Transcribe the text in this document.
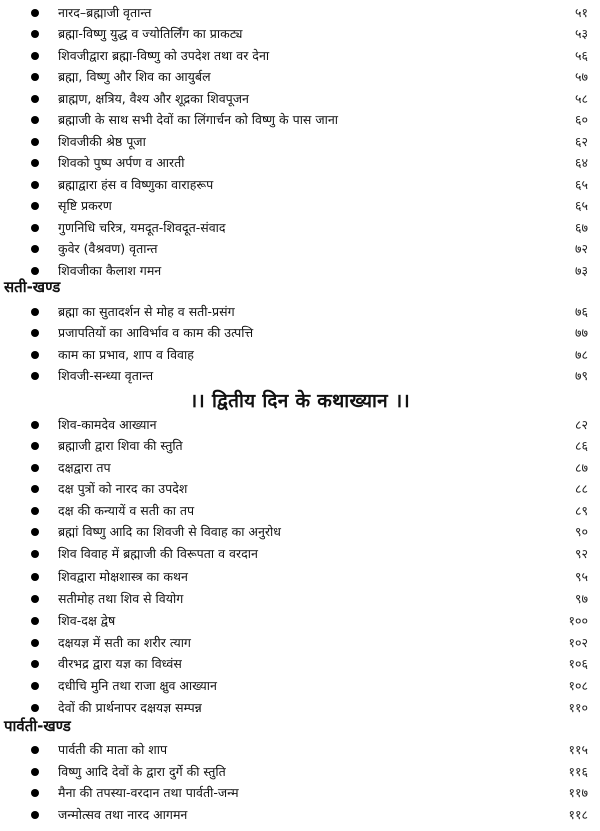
नारद–ब्रह्माजी वृतान्त	५१
ब्रह्मा-विष्णु युद्ध व ज्योतिर्लिंग का प्राकट्य	५३
शिवजीद्वारा ब्रह्मा-विष्णु को उपदेश तथा वर देना	५६
ब्रह्मा, विष्णु और शिव का आयुर्बल	५७
ब्राह्मण, क्षत्रिय, वैश्य और शूद्रका शिवपूजन	५८
ब्रह्माजी के साथ सभी देवों का लिंगार्चन को विष्णु के पास जाना	६०
शिवजीकी श्रेष्ठ पूजा	६२
शिवको पुष्प अर्पण व आरती	६४
ब्रह्माद्वारा हंस व विष्णुका वाराहरूप	६५
सृष्टि प्रकरण	६५
गुणनिधि चरित्र, यमदूत-शिवदूत-संवाद	६७
कुवेर (वैश्रवण) वृतान्त	७२
शिवजीका कैलाश गमन	७३
सती-खण्ड
ब्रह्मा का सुतादर्शन से मोह व सती-प्रसंग	७६
प्रजापतियों का आविर्भाव व काम की उत्पत्ति	७७
काम का प्रभाव, शाप व विवाह	७८
शिवजी-सन्ध्या वृतान्त	७९
।। द्वितीय दिन के कथाख्यान ।।
शिव-कामदेव आख्यान	८२
ब्रह्माजी द्वारा शिवा की स्तुति	८६
दक्षद्वारा तप	८७
दक्ष पुत्रों को नारद का उपदेश	८८
दक्ष की कन्यायें व सती का तप	८९
ब्रह्मां विष्णु आदि का शिवजी से विवाह का अनुरोध	९०
शिव विवाह में ब्रह्माजी की विरूपता व वरदान	९२
शिवद्वारा मोक्षशास्त्र का कथन	९५
सतीमोह तथा शिव से वियोग	९७
शिव-दक्ष द्वेष	१००
दक्षयज्ञ में सती का शरीर त्याग	१०२
वीरभद्र द्वारा यज्ञ का विध्वंस	१०६
दधीचि मुनि तथा राजा क्षुव आख्यान	१०८
देवों की प्रार्थनापर दक्षयज्ञ सम्पन्न	११०
पार्वती-खण्ड
पार्वती की माता को शाप	११५
विष्णु आदि देवों के द्वारा दुर्गे की स्तुति	११६
मैना की तपस्या-वरदान तथा पार्वती-जन्म	११७
जन्मोत्सव तथा नारद आगमन	११८
